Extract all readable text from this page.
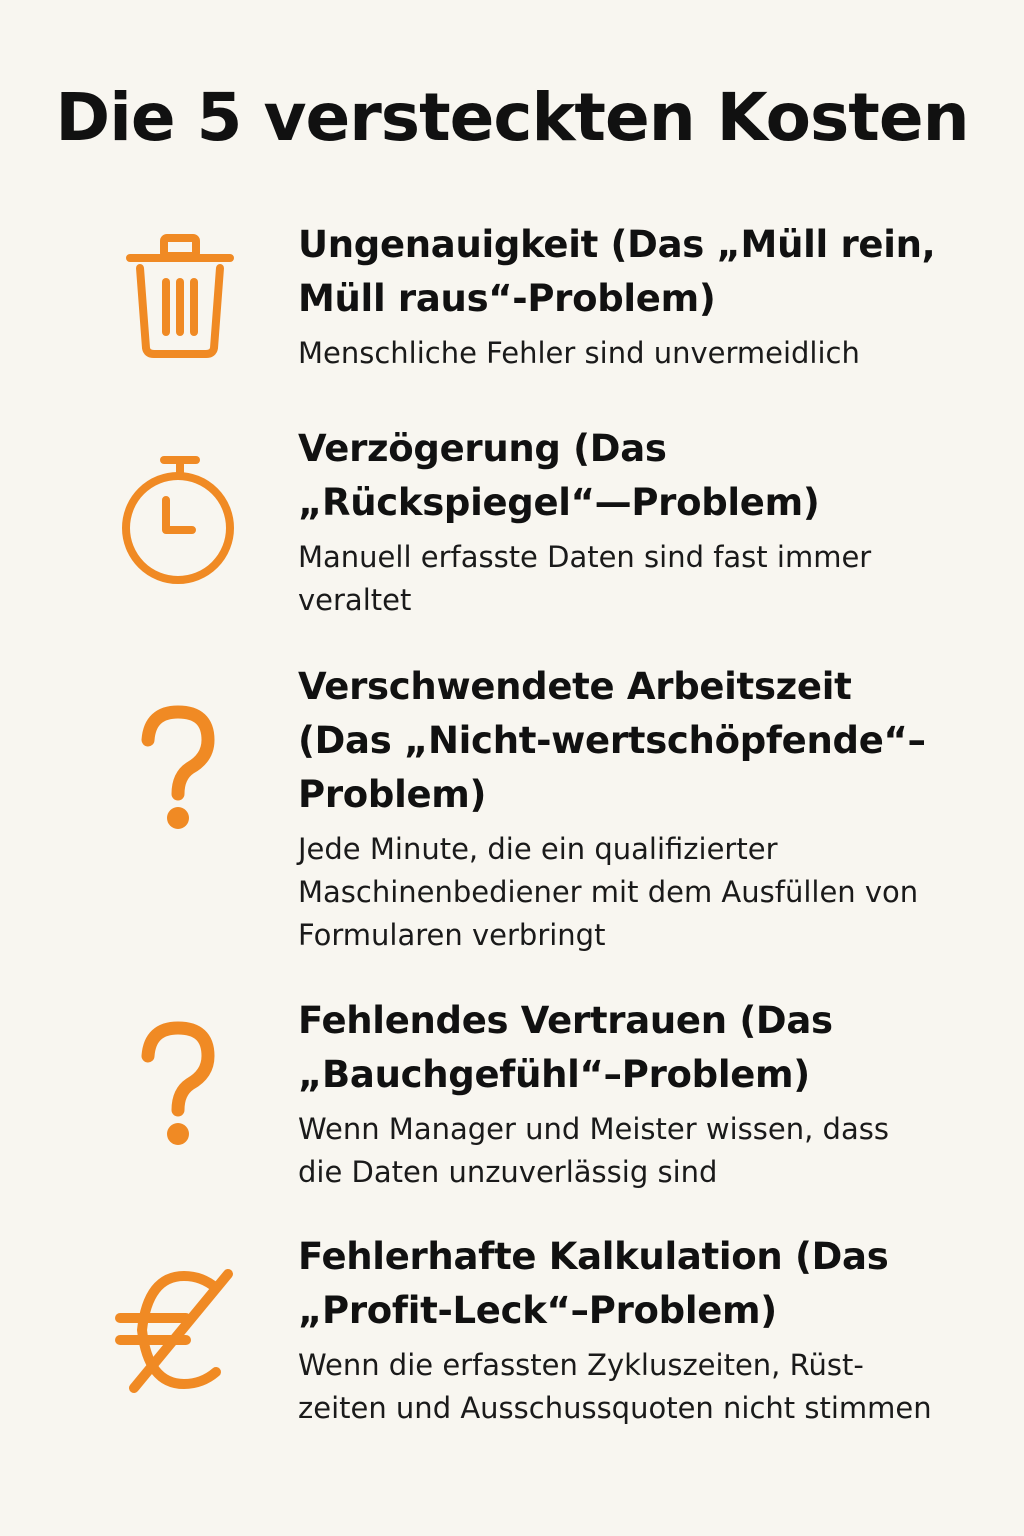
Die 5 versteckten Kosten

Ungenauigkeit (Das „Müll rein,
Müll raus“-Problem)

Menschliche Fehler sind unvermeidlich

Verzögerung (Das
„Rückspiegel“—Problem)

Manuell erfasste Daten sind fast immer
veraltet

Verschwendete Arbeitszeit
(Das „Nicht-wertschöpfende“–
Problem)

Jede Minute, die ein qualifizierter
Maschinenbediener mit dem Ausfüllen von
Formularen verbringt

Fehlendes Vertrauen (Das
„Bauchgefühl“–Problem)

Wenn Manager und Meister wissen, dass
die Daten unzuverlässig sind

Fehlerhafte Kalkulation (Das
„Profit-Leck“–Problem)

Wenn die erfassten Zykluszeiten, Rüst-
zeiten und Ausschussquoten nicht stimmen
